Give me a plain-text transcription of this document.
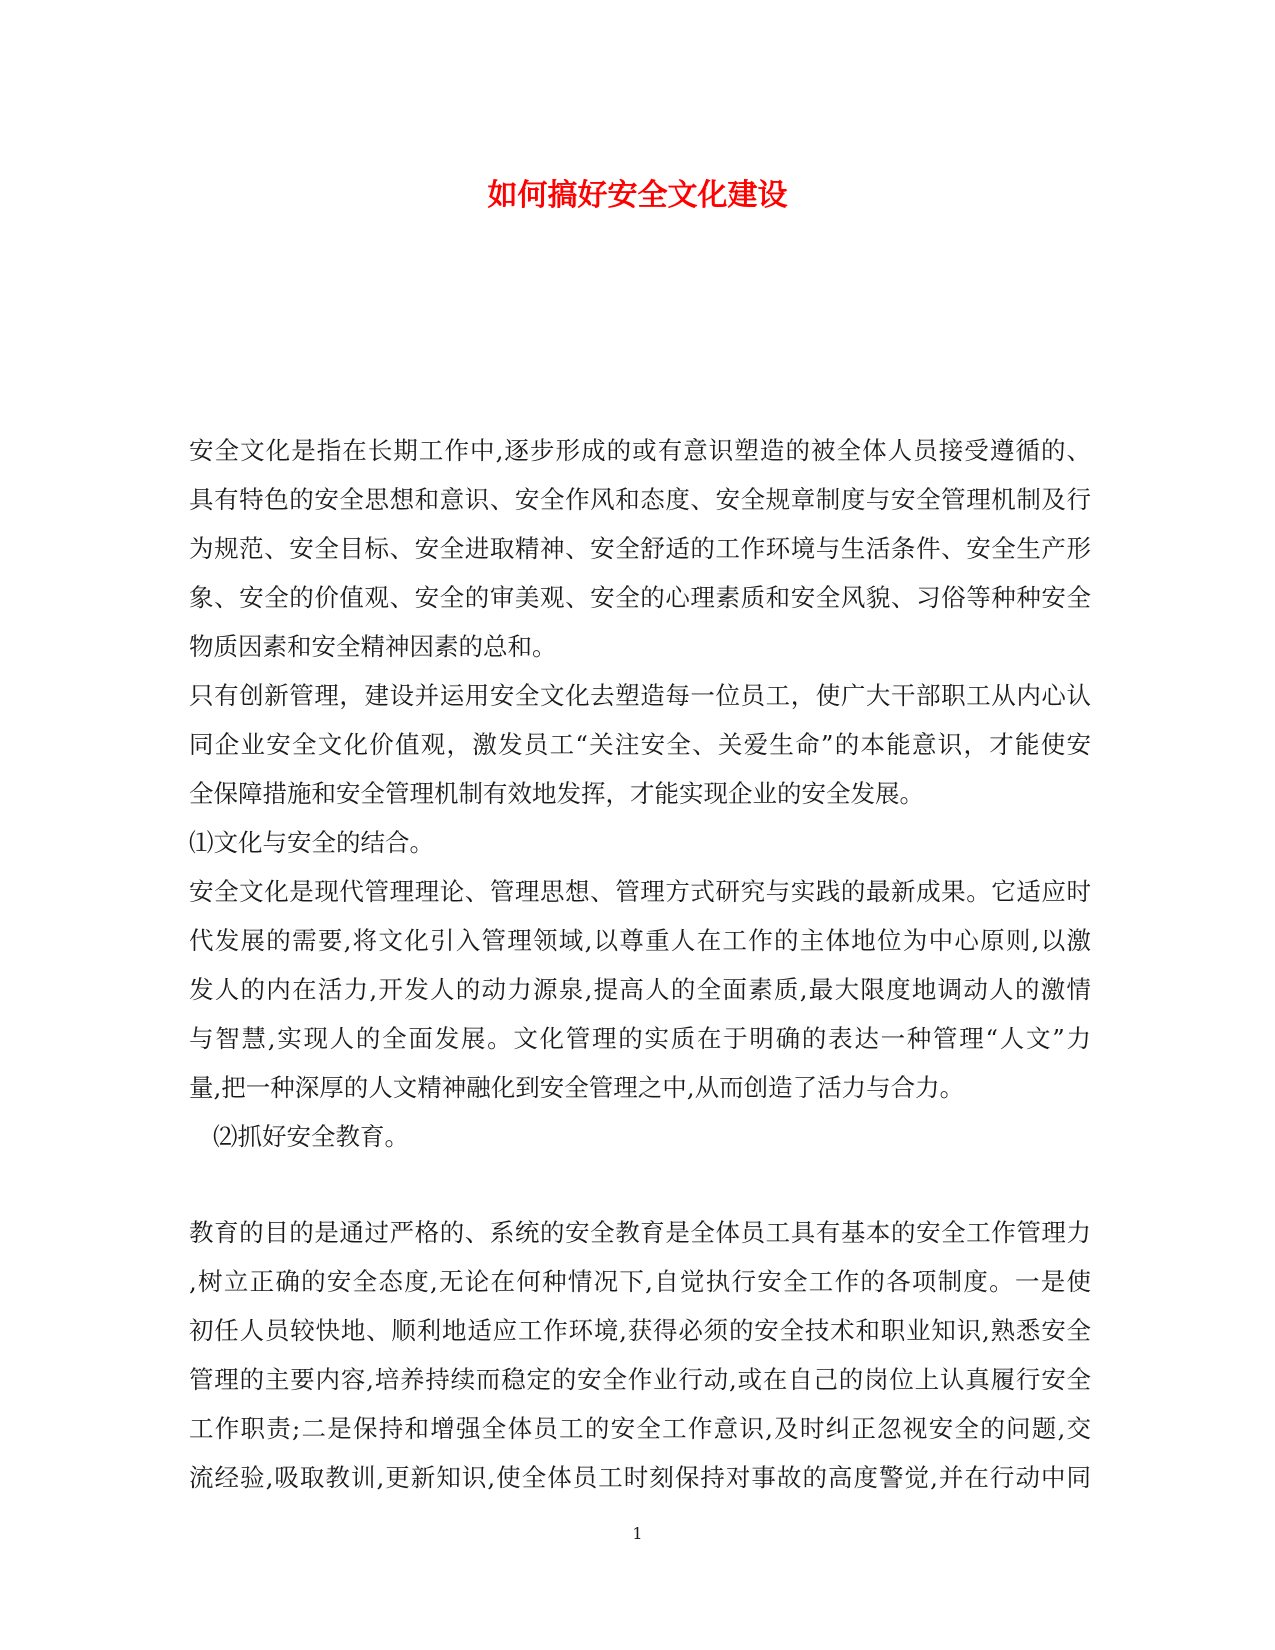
如何搞好安全文化建设
安全文化是指在长期工作中,逐步形成的或有意识塑造的被全体人员接受遵循的、
具有特色的安全思想和意识、安全作风和态度、安全规章制度与安全管理机制及行
为规范、安全目标、安全进取精神、安全舒适的工作环境与生活条件、安全生产形
象、安全的价值观、安全的审美观、安全的心理素质和安全风貌、习俗等种种安全
物质因素和安全精神因素的总和。
只有创新管理，建设并运用安全文化去塑造每一位员工，使广大干部职工从内心认
同企业安全文化价值观，激发员工“关注安全、关爱生命”的本能意识，才能使安
全保障措施和安全管理机制有效地发挥，才能实现企业的安全发展。
⑴文化与安全的结合。
安全文化是现代管理理论、管理思想、管理方式研究与实践的最新成果。它适应时
代发展的需要,将文化引入管理领域,以尊重人在工作的主体地位为中心原则,以激
发人的内在活力,开发人的动力源泉,提高人的全面素质,最大限度地调动人的激情
与智慧,实现人的全面发展。文化管理的实质在于明确的表达一种管理“人文”力
量,把一种深厚的人文精神融化到安全管理之中,从而创造了活力与合力。
⑵抓好安全教育。
教育的目的是通过严格的、系统的安全教育是全体员工具有基本的安全工作管理力
,树立正确的安全态度,无论在何种情况下,自觉执行安全工作的各项制度。一是使
初任人员较快地、顺利地适应工作环境,获得必须的安全技术和职业知识,熟悉安全
管理的主要内容,培养持续而稳定的安全作业行动,或在自己的岗位上认真履行安全
工作职责;二是保持和增强全体员工的安全工作意识,及时纠正忽视安全的问题,交
流经验,吸取教训,更新知识,使全体员工时刻保持对事故的高度警觉,并在行动中同
1
